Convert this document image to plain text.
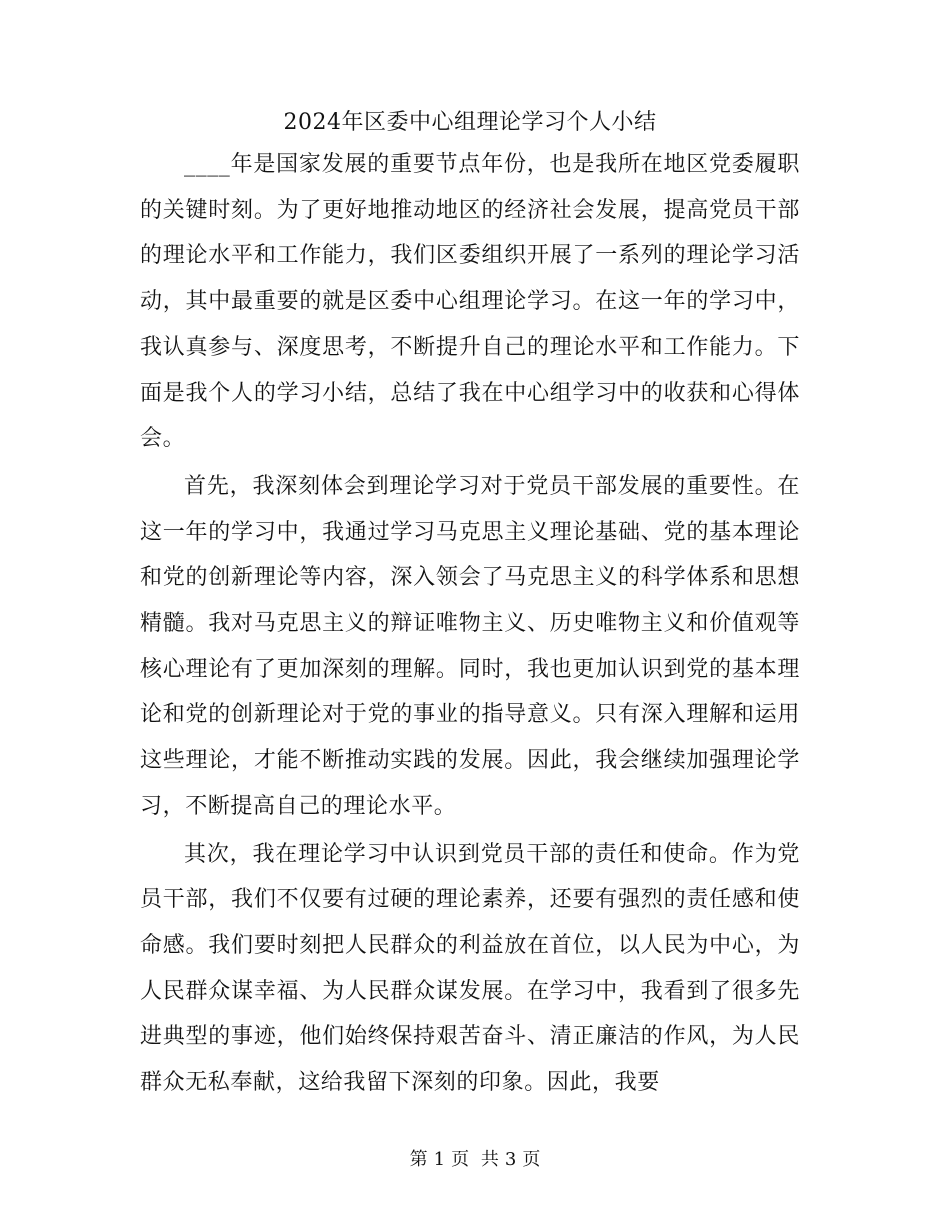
2024年区委中心组理论学习个人小结

____年是国家发展的重要节点年份，也是我所在地区党委履职的关键时刻。为了更好地推动地区的经济社会发展，提高党员干部的理论水平和工作能力，我们区委组织开展了一系列的理论学习活动，其中最重要的就是区委中心组理论学习。在这一年的学习中，我认真参与、深度思考，不断提升自己的理论水平和工作能力。下面是我个人的学习小结，总结了我在中心组学习中的收获和心得体会。

首先，我深刻体会到理论学习对于党员干部发展的重要性。在这一年的学习中，我通过学习马克思主义理论基础、党的基本理论和党的创新理论等内容，深入领会了马克思主义的科学体系和思想精髓。我对马克思主义的辩证唯物主义、历史唯物主义和价值观等核心理论有了更加深刻的理解。同时，我也更加认识到党的基本理论和党的创新理论对于党的事业的指导意义。只有深入理解和运用这些理论，才能不断推动实践的发展。因此，我会继续加强理论学习，不断提高自己的理论水平。

其次，我在理论学习中认识到党员干部的责任和使命。作为党员干部，我们不仅要有过硬的理论素养，还要有强烈的责任感和使命感。我们要时刻把人民群众的利益放在首位，以人民为中心，为人民群众谋幸福、为人民群众谋发展。在学习中，我看到了很多先进典型的事迹，他们始终保持艰苦奋斗、清正廉洁的作风，为人民群众无私奉献，这给我留下深刻的印象。因此，我要

第 1 页 共 3 页
